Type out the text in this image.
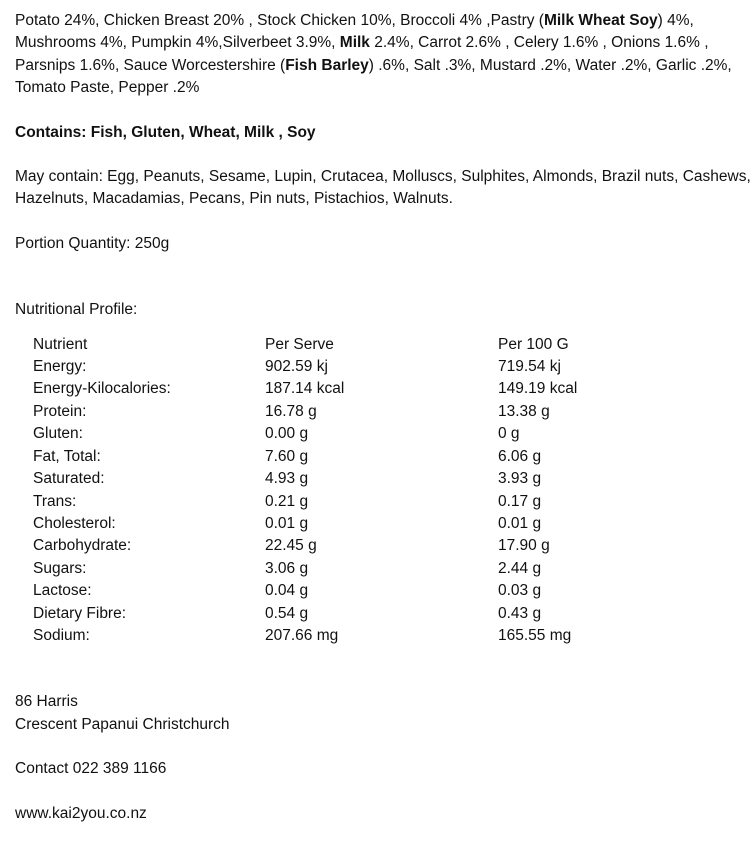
Potato 24%, Chicken Breast 20% , Stock Chicken 10%, Broccoli 4% ,Pastry (Milk Wheat Soy) 4%, Mushrooms 4%, Pumpkin 4%,Silverbeet 3.9%, Milk 2.4%, Carrot 2.6% , Celery 1.6% , Onions 1.6% , Parsnips 1.6%, Sauce Worcestershire (Fish Barley) .6%, Salt .3%, Mustard .2%, Water .2%, Garlic .2%, Tomato Paste, Pepper .2%

Contains: Fish, Gluten, Wheat, Milk , Soy

May contain: Egg, Peanuts, Sesame, Lupin, Crutacea, Molluscs, Sulphites, Almonds, Brazil nuts, Cashews, Hazelnuts, Macadamias, Pecans, Pin nuts, Pistachios, Walnuts.

Portion Quantity: 250g

Nutritional Profile:

Nutrient	Per Serve	Per 100 G
Energy:	902.59 kj	719.54 kj
Energy-Kilocalories:	187.14 kcal	149.19 kcal
Protein:	16.78 g	13.38 g
Gluten:	0.00 g	0 g
Fat, Total:	7.60 g	6.06 g
Saturated:	4.93 g	3.93 g
Trans:	0.21 g	0.17 g
Cholesterol:	0.01 g	0.01 g
Carbohydrate:	22.45 g	17.90 g
Sugars:	3.06 g	2.44 g
Lactose:	0.04 g	0.03 g
Dietary Fibre:	0.54 g	0.43 g
Sodium:	207.66 mg	165.55 mg

86 Harris

Crescent Papanui Christchurch

Contact 022 389 1166

www.kai2you.co.nz
